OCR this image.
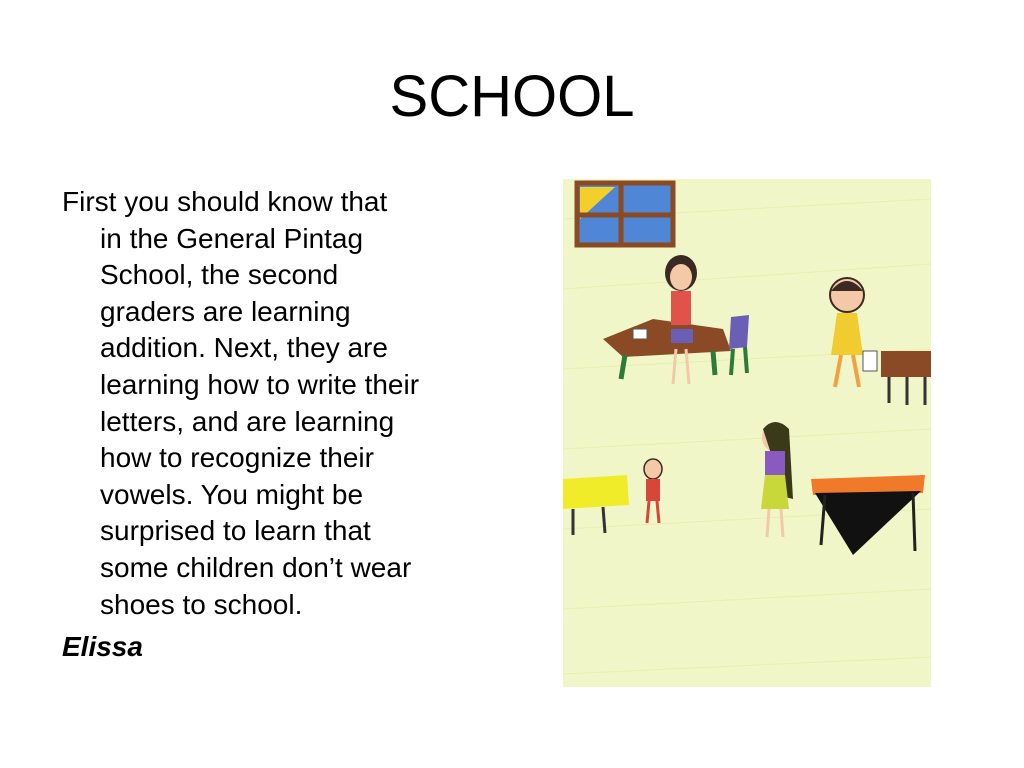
SCHOOL

First you should know that
in the General Pintag
School, the second
graders are learning
addition. Next, they are
learning how to write their
letters, and are learning
how to recognize their
vowels. You might be
surprised to learn that
some children don’t wear
shoes to school.

Elissa
